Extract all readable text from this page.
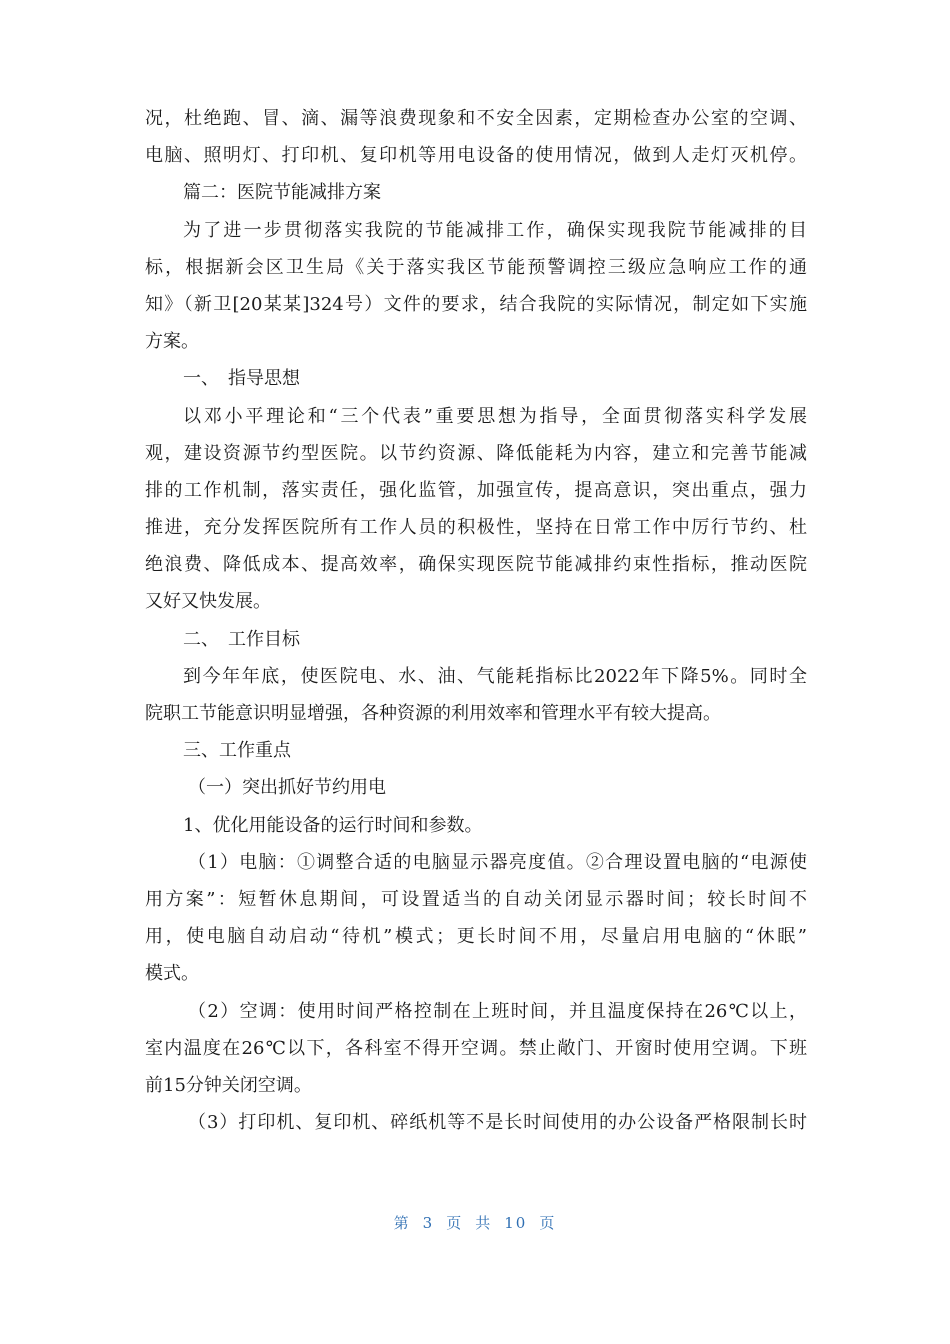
况，杜绝跑、冒、滴、漏等浪费现象和不安全因素，定期检查办公室的空调、
电脑、照明灯、打印机、复印机等用电设备的使用情况，做到人走灯灭机停。
篇二：医院节能减排方案
为了进一步贯彻落实我院的节能减排工作，确保实现我院节能减排的目
标，根据新会区卫生局《关于落实我区节能预警调控三级应急响应工作的通
知》（新卫[20某某]324号）文件的要求，结合我院的实际情况，制定如下实施
方案。
一、　指导思想
以邓小平理论和“三个代表”重要思想为指导，全面贯彻落实科学发展
观，建设资源节约型医院。以节约资源、降低能耗为内容，建立和完善节能减
排的工作机制，落实责任，强化监管，加强宣传，提高意识，突出重点，强力
推进，充分发挥医院所有工作人员的积极性，坚持在日常工作中厉行节约、杜
绝浪费、降低成本、提高效率，确保实现医院节能减排约束性指标，推动医院
又好又快发展。
二、　工作目标
到今年年底，使医院电、水、油、气能耗指标比2022年下降5%。同时全
院职工节能意识明显增强，各种资源的利用效率和管理水平有较大提高。
三、工作重点
（一）突出抓好节约用电
1、优化用能设备的运行时间和参数。
（1）电脑：①调整合适的电脑显示器亮度值。②合理设置电脑的“电源使
用方案”：短暂休息期间，可设置适当的自动关闭显示器时间；较长时间不
用，使电脑自动启动“待机”模式；更长时间不用，尽量启用电脑的“休眠”
模式。
（2）空调：使用时间严格控制在上班时间，并且温度保持在26℃以上，
室内温度在26℃以下，各科室不得开空调。禁止敞门、开窗时使用空调。下班
前15分钟关闭空调。
（3）打印机、复印机、碎纸机等不是长时间使用的办公设备严格限制长时
第 3 页 共 10 页
